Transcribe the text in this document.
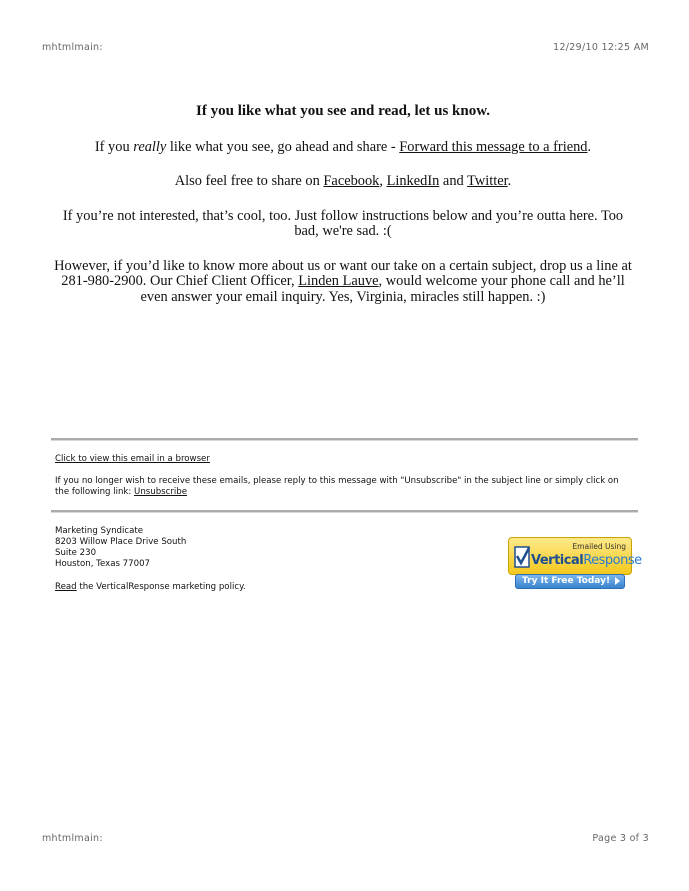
mhtmlmain:	12/29/10 12:25 AM

If you like what you see and read, let us know.

If you really like what you see, go ahead and share - Forward this message to a friend.

Also feel free to share on Facebook, LinkedIn and Twitter.

If you’re not interested, that’s cool, too. Just follow instructions below and you’re outta here. Too bad, we're sad. :(

However, if you’d like to know more about us or want our take on a certain subject, drop us a line at 281-980-2900. Our Chief Client Officer, Linden Lauve, would welcome your phone call and he’ll even answer your email inquiry. Yes, Virginia, miracles still happen. :)

Click to view this email in a browser
If you no longer wish to receive these emails, please reply to this message with "Unsubscribe" in the subject line or simply click on the following link: Unsubscribe
Marketing Syndicate
8203 Willow Place Drive South
Suite 230
Houston, Texas 77007
Read the VerticalResponse marketing policy.
Emailed Using
VerticalResponse
Try It Free Today!
mhtmlmain:	Page 3 of 3
